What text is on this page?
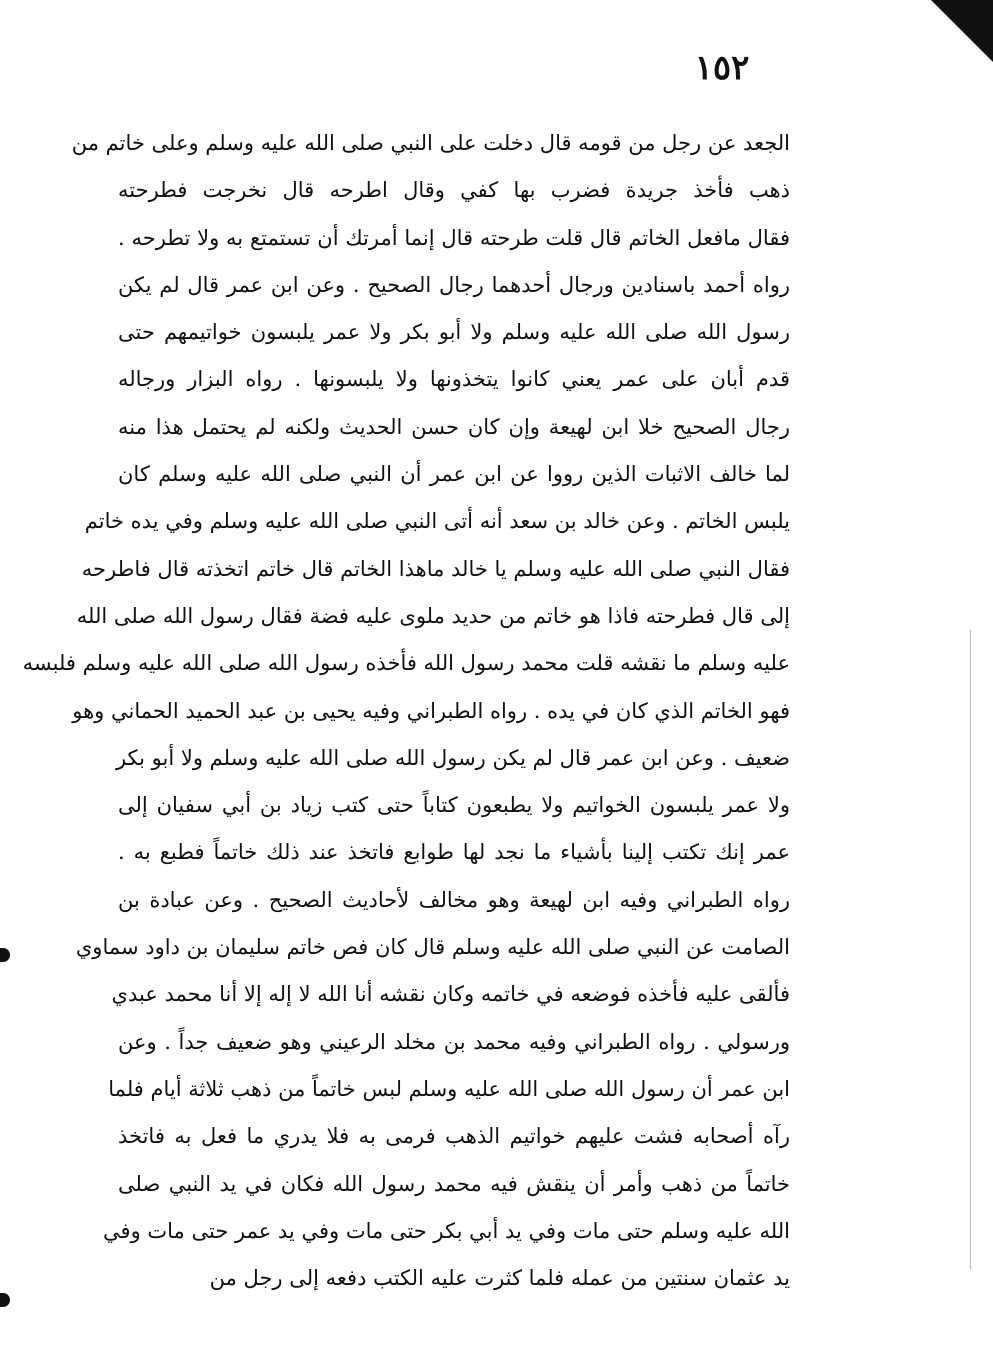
١٥٢
الجعد عن رجل من قومه قال دخلت على النبي صلى الله عليه وسلم وعلى خاتم من
ذهب فأخذ جريدة فضرب بها كفي وقال اطرحه قال نخرجت فطرحته
فقال مافعل الخاتم قال قلت طرحته قال إنما أمرتك أن تستمتع به ولا تطرحه .
رواه أحمد باسنادين ورجال أحدهما رجال الصحيح . وعن ابن عمر قال لم يكن
رسول الله صلى الله عليه وسلم ولا أبو بكر ولا عمر يلبسون خواتيمهم حتى
قدم أبان على عمر يعني كانوا يتخذونها ولا يلبسونها . رواه البزار ورجاله
رجال الصحيح خلا ابن لهيعة وإن كان حسن الحديث ولكنه لم يحتمل هذا منه
لما خالف الاثبات الذين رووا عن ابن عمر أن النبي صلى الله عليه وسلم كان
يلبس الخاتم . وعن خالد بن سعد أنه أتى النبي صلى الله عليه وسلم وفي يده خاتم
فقال النبي صلى الله عليه وسلم يا خالد ماهذا الخاتم قال خاتم اتخذته قال فاطرحه
إلى قال فطرحته فاذا هو خاتم من حديد ملوى عليه فضة فقال رسول الله صلى الله
عليه وسلم ما نقشه قلت محمد رسول الله فأخذه رسول الله صلى الله عليه وسلم فلبسه
فهو الخاتم الذي كان في يده . رواه الطبراني وفيه يحيى بن عبد الحميد الحماني وهو
ضعيف . وعن ابن عمر قال لم يكن رسول الله صلى الله عليه وسلم ولا أبو بكر
ولا عمر يلبسون الخواتيم ولا يطبعون كتاباً حتى كتب زياد بن أبي سفيان إلى
عمر إنك تكتب إلينا بأشياء ما نجد لها طوابع فاتخذ عند ذلك خاتماً فطبع به .
رواه الطبراني وفيه ابن لهيعة وهو مخالف لأحاديث الصحيح . وعن عبادة بن
الصامت عن النبي صلى الله عليه وسلم قال كان فص خاتم سليمان بن داود سماوي
فألقى عليه فأخذه فوضعه في خاتمه وكان نقشه أنا الله لا إله إلا أنا محمد عبدي
ورسولي . رواه الطبراني وفيه محمد بن مخلد الرعيني وهو ضعيف جداً . وعن
ابن عمر أن رسول الله صلى الله عليه وسلم لبس خاتماً من ذهب ثلاثة أيام فلما
رآه أصحابه فشت عليهم خواتيم الذهب فرمى به فلا يدري ما فعل به فاتخذ
خاتماً من ذهب وأمر أن ينقش فيه محمد رسول الله فكان في يد النبي صلى
الله عليه وسلم حتى مات وفي يد أبي بكر حتى مات وفي يد عمر حتى مات وفي
يد عثمان سنتين من عمله فلما كثرت عليه الكتب دفعه إلى رجل من
